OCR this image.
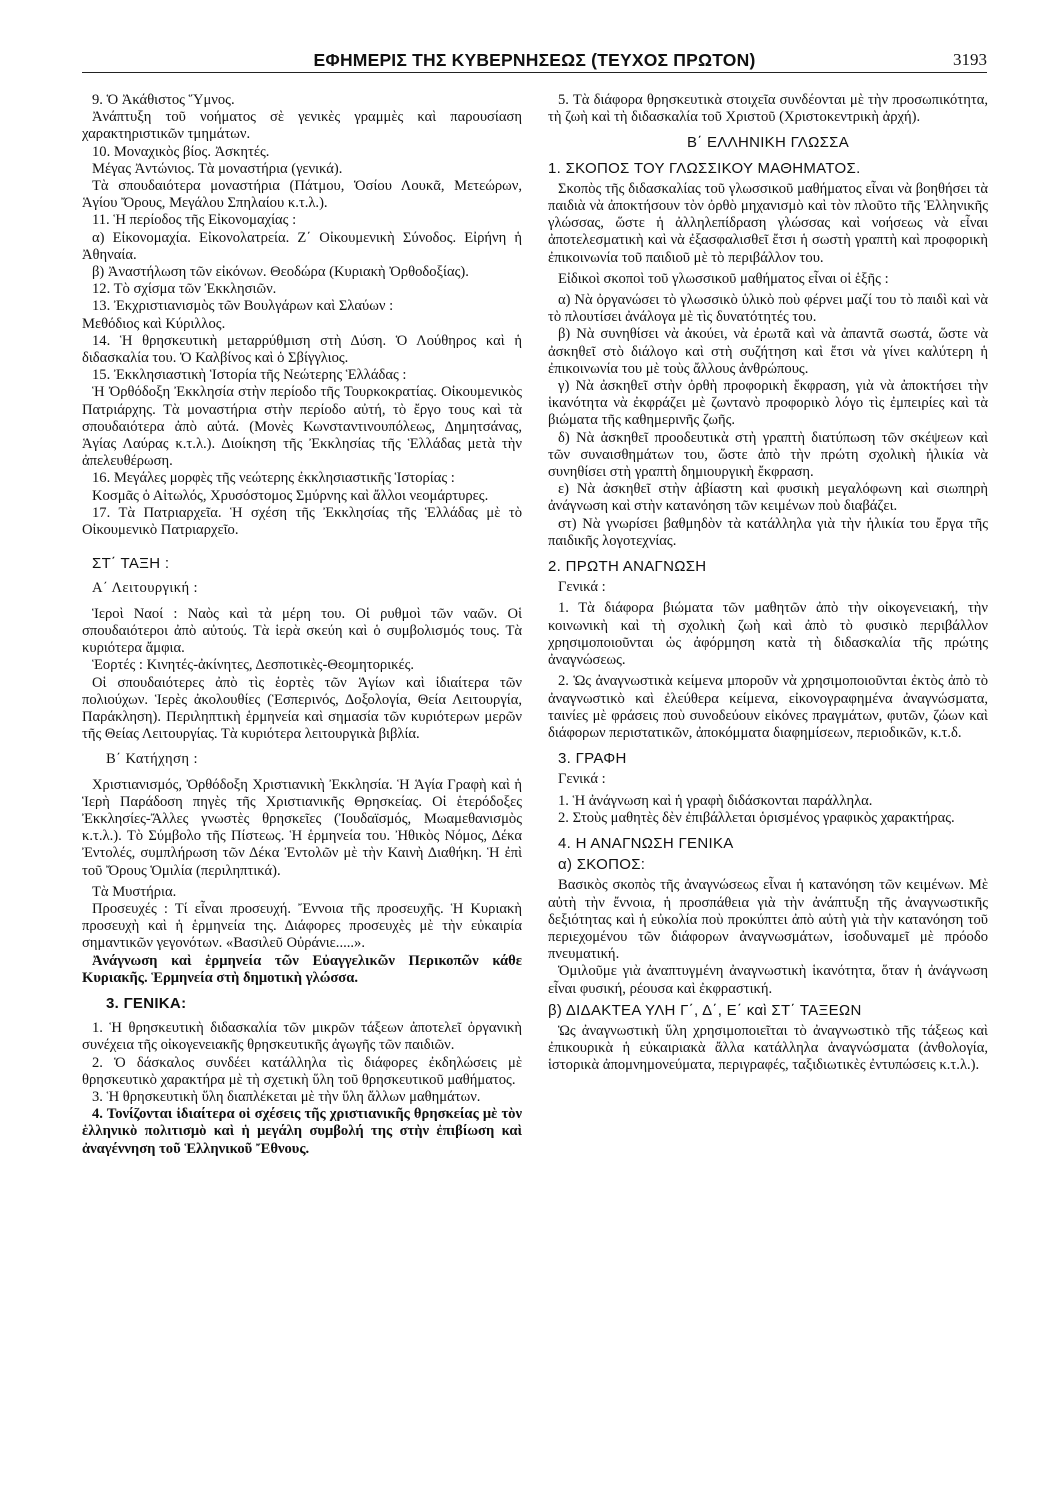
ΕΦΗΜΕΡΙΣ ΤΗΣ ΚΥΒΕΡΝΗΣΕΩΣ (ΤΕΥΧΟΣ ΠΡΩΤΟΝ)	3193

9. Ὁ Ἀκάθιστος Ὕμνος.

Ἀνάπτυξη τοῦ νοήματος σὲ γενικὲς γραμμὲς καὶ παρουσίαση χαρακτηριστικῶν τμημάτων.

10. Μοναχικὸς βίος. Ἀσκητές.

Μέγας Ἀντώνιος. Τὰ μοναστήρια (γενικά).

Τὰ σπουδαιότερα μοναστήρια (Πάτμου, Ὁσίου Λουκᾶ, Μετεώρων, Ἁγίου Ὄρους, Μεγάλου Σπηλαίου κ.τ.λ.).

11. Ἡ περίοδος τῆς Εἰκονομαχίας :

α) Εἰκονομαχία. Εἰκονολατρεία. Ζ΄ Οἰκουμενικὴ Σύνοδος. Εἰρήνη ἡ Ἀθηναία.

β) Ἀναστήλωση τῶν εἰκόνων. Θεοδώρα (Κυριακὴ Ὀρθοδοξίας).

12. Τὸ σχίσμα τῶν Ἐκκλησιῶν.

13. Ἐκχριστιανισμὸς τῶν Βουλγάρων καὶ Σλαύων :

Μεθόδιος καὶ Κύριλλος.

14. Ἡ θρησκευτικὴ μεταρρύθμιση στὴ Δύση. Ὁ Λούθηρος καὶ ἡ διδασκαλία του. Ὁ Καλβίνος καὶ ὁ Σβίγγλιος.

15. Ἐκκλησιαστικὴ Ἱστορία τῆς Νεώτερης Ἑλλάδας :

Ἡ Ὀρθόδοξη Ἐκκλησία στὴν περίοδο τῆς Τουρκοκρατίας. Οἰκουμενικὸς Πατριάρχης. Τὰ μοναστήρια στὴν περίοδο αὐτή, τὸ ἔργο τους καὶ τὰ σπουδαιότερα ἀπὸ αὐτά. (Μονὲς Κωνσταντινουπόλεως, Δημητσάνας, Ἁγίας Λαύρας κ.τ.λ.). Διοίκηση τῆς Ἐκκλησίας τῆς Ἑλλάδας μετὰ τὴν ἀπελευθέρωση.

16. Μεγάλες μορφὲς τῆς νεώτερης ἐκκλησιαστικῆς Ἱστορίας :

Κοσμᾶς ὁ Αἰτωλός, Χρυσόστομος Σμύρνης καὶ ἄλλοι νεομάρτυρες.

17. Τὰ Πατριαρχεῖα. Ἡ σχέση τῆς Ἐκκλησίας τῆς Ἑλλάδας μὲ τὸ Οἰκουμενικὸ Πατριαρχεῖο.

ΣΤ΄ ΤΑΞΗ :

Α΄ Λειτουργική :

Ἱεροὶ Ναοί : Ναὸς καὶ τὰ μέρη του. Οἱ ρυθμοὶ τῶν ναῶν. Οἱ σπουδαιότεροι ἀπὸ αὐτούς. Τὰ ἱερὰ σκεύη καὶ ὁ συμβολισμός τους. Τὰ κυριότερα ἄμφια.

Ἑορτές : Κινητές-ἀκίνητες, Δεσποτικὲς-Θεομητορικές.

Οἱ σπουδαιότερες ἀπὸ τὶς ἑορτὲς τῶν Ἁγίων καὶ ἰδιαίτερα τῶν πολιούχων. Ἱερὲς ἀκολουθίες (Ἑσπερινός, Δοξολογία, Θεία Λειτουργία, Παράκληση). Περιληπτικὴ ἑρμηνεία καὶ σημασία τῶν κυριότερων μερῶν τῆς Θείας Λειτουργίας. Τὰ κυριότερα λειτουργικὰ βιβλία.

Β΄ Κατήχηση :

Χριστιανισμός, Ὀρθόδοξη Χριστιανικὴ Ἐκκλησία. Ἡ Ἁγία Γραφὴ καὶ ἡ Ἱερὴ Παράδοση πηγὲς τῆς Χριστιανικῆς Θρησκείας. Οἱ ἑτερόδοξες Ἐκκλησίες-Ἄλλες γνωστὲς θρησκεῖες (Ἰουδαϊσμός, Μωαμεθανισμὸς κ.τ.λ.). Τὸ Σύμβολο τῆς Πίστεως. Ἡ ἑρμηνεία του. Ἠθικὸς Νόμος, Δέκα Ἐντολές, συμπλήρωση τῶν Δέκα Ἐντολῶν μὲ τὴν Καινὴ Διαθήκη. Ἡ ἐπὶ τοῦ Ὄρους Ὁμιλία (περιληπτικά).

Τὰ Μυστήρια.

Προσευχές : Τί εἶναι προσευχή. Ἔννοια τῆς προσευχῆς. Ἡ Κυριακὴ προσευχὴ καὶ ἡ ἑρμηνεία της. Διάφορες προσευχὲς μὲ τὴν εὐκαιρία σημαντικῶν γεγονότων. «Βασιλεῦ Οὐράνιε.....».

Ἀνάγνωση καὶ ἑρμηνεία τῶν Εὐαγγελικῶν Περικοπῶν κάθε Κυριακῆς. Ἑρμηνεία στὴ δημοτικὴ γλώσσα.

3. ΓΕΝΙΚΑ:

1. Ἡ θρησκευτικὴ διδασκαλία τῶν μικρῶν τάξεων ἀποτελεῖ ὀργανικὴ συνέχεια τῆς οἰκογενειακῆς θρησκευτικῆς ἀγωγῆς τῶν παιδιῶν.

2. Ὁ δάσκαλος συνδέει κατάλληλα τὶς διάφορες ἐκδηλώσεις μὲ θρησκευτικὸ χαρακτήρα μὲ τὴ σχετικὴ ὕλη τοῦ θρησκευτικοῦ μαθήματος.

3. Ἡ θρησκευτικὴ ὕλη διαπλέκεται μὲ τὴν ὕλη ἄλλων μαθημάτων.

4. Τονίζονται ἰδιαίτερα οἱ σχέσεις τῆς χριστιανικῆς θρησκείας μὲ τὸν ἑλληνικὸ πολιτισμὸ καὶ ἡ μεγάλη συμβολή της στὴν ἐπιβίωση καὶ ἀναγέννηση τοῦ Ἑλληνικοῦ Ἔθνους.

5. Τὰ διάφορα θρησκευτικὰ στοιχεῖα συνδέονται μὲ τὴν προσωπικότητα, τὴ ζωὴ καὶ τὴ διδασκαλία τοῦ Χριστοῦ (Χριστοκεντρικὴ ἀρχή).

Β΄ ΕΛΛΗΝΙΚΗ ΓΛΩΣΣΑ

1. ΣΚΟΠΟΣ ΤΟΥ ΓΛΩΣΣΙΚΟΥ ΜΑΘΗΜΑΤΟΣ.

Σκοπὸς τῆς διδασκαλίας τοῦ γλωσσικοῦ μαθήματος εἶναι νὰ βοηθήσει τὰ παιδιὰ νὰ ἀποκτήσουν τὸν ὀρθὸ μηχανισμὸ καὶ τὸν πλοῦτο τῆς Ἑλληνικῆς γλώσσας, ὥστε ἡ ἀλληλεπίδραση γλώσσας καὶ νοήσεως νὰ εἶναι ἀποτελεσματικὴ καὶ νὰ ἐξασφαλισθεῖ ἔτσι ἡ σωστὴ γραπτὴ καὶ προφορικὴ ἐπικοινωνία τοῦ παιδιοῦ μὲ τὸ περιβάλλον του.

Εἰδικοὶ σκοποὶ τοῦ γλωσσικοῦ μαθήματος εἶναι οἱ ἑξῆς :

α) Νὰ ὀργανώσει τὸ γλωσσικὸ ὑλικὸ ποὺ φέρνει μαζί του τὸ παιδὶ καὶ νὰ τὸ πλουτίσει ἀνάλογα μὲ τὶς δυνατότητές του.

β) Νὰ συνηθίσει νὰ ἀκούει, νὰ ἐρωτᾶ καὶ νὰ ἀπαντᾶ σωστά, ὥστε νὰ ἀσκηθεῖ στὸ διάλογο καὶ στὴ συζήτηση καὶ ἔτσι νὰ γίνει καλύτερη ἡ ἐπικοινωνία του μὲ τοὺς ἄλλους ἀνθρώπους.

γ) Νὰ ἀσκηθεῖ στὴν ὀρθὴ προφορικὴ ἔκφραση, γιὰ νὰ ἀποκτήσει τὴν ἱκανότητα νὰ ἐκφράζει μὲ ζωντανὸ προφορικὸ λόγο τὶς ἐμπειρίες καὶ τὰ βιώματα τῆς καθημερινῆς ζωῆς.

δ) Νὰ ἀσκηθεῖ προοδευτικὰ στὴ γραπτὴ διατύπωση τῶν σκέψεων καὶ τῶν συναισθημάτων του, ὥστε ἀπὸ τὴν πρώτη σχολικὴ ἡλικία νὰ συνηθίσει στὴ γραπτὴ δημιουργικὴ ἔκφραση.

ε) Νὰ ἀσκηθεῖ στὴν ἀβίαστη καὶ φυσικὴ μεγαλόφωνη καὶ σιωπηρὴ ἀνάγνωση καὶ στὴν κατανόηση τῶν κειμένων ποὺ διαβάζει.

στ) Νὰ γνωρίσει βαθμηδὸν τὰ κατάλληλα γιὰ τὴν ἡλικία του ἔργα τῆς παιδικῆς λογοτεχνίας.

2. ΠΡΩΤΗ ΑΝΑΓΝΩΣΗ

Γενικά :

1. Τὰ διάφορα βιώματα τῶν μαθητῶν ἀπὸ τὴν οἰκογενειακή, τὴν κοινωνικὴ καὶ τὴ σχολικὴ ζωὴ καὶ ἀπὸ τὸ φυσικὸ περιβάλλον χρησιμοποιοῦνται ὡς ἀφόρμηση κατὰ τὴ διδασκαλία τῆς πρώτης ἀναγνώσεως.

2. Ὡς ἀναγνωστικὰ κείμενα μποροῦν νὰ χρησιμοποιοῦνται ἐκτὸς ἀπὸ τὸ ἀναγνωστικὸ καὶ ἐλεύθερα κείμενα, εἰκονογραφημένα ἀναγνώσματα, ταινίες μὲ φράσεις ποὺ συνοδεύουν εἰκόνες πραγμάτων, φυτῶν, ζώων καὶ διάφορων περιστατικῶν, ἀποκόμματα διαφημίσεων, περιοδικῶν, κ.τ.δ.

3. ΓΡΑΦΗ

Γενικά :

1. Ἡ ἀνάγνωση καὶ ἡ γραφὴ διδάσκονται παράλληλα.

2. Στοὺς μαθητὲς δὲν ἐπιβάλλεται ὁρισμένος γραφικὸς χαρακτήρας.

4. Η ΑΝΑΓΝΩΣΗ ΓΕΝΙΚΑ

α) ΣΚΟΠΟΣ:

Βασικὸς σκοπὸς τῆς ἀναγνώσεως εἶναι ἡ κατανόηση τῶν κειμένων. Μὲ αὐτὴ τὴν ἔννοια, ἡ προσπάθεια γιὰ τὴν ἀνάπτυξη τῆς ἀναγνωστικῆς δεξιότητας καὶ ἡ εὐκολία ποὺ προκύπτει ἀπὸ αὐτὴ γιὰ τὴν κατανόηση τοῦ περιεχομένου τῶν διάφορων ἀναγνωσμάτων, ἰσοδυναμεῖ μὲ πρόοδο πνευματική.

Ὁμιλοῦμε γιὰ ἀναπτυγμένη ἀναγνωστικὴ ἱκανότητα, ὅταν ἡ ἀνάγνωση εἶναι φυσική, ρέουσα καὶ ἐκφραστική.

β) ΔΙΔΑΚΤΕΑ ΥΛΗ Γ΄, Δ΄, Ε΄ καὶ ΣΤ΄ ΤΑΞΕΩΝ

Ὡς ἀναγνωστικὴ ὕλη χρησιμοποιεῖται τὸ ἀναγνωστικὸ τῆς τάξεως καὶ ἐπικουρικὰ ἡ εὐκαιριακὰ ἄλλα κατάλληλα ἀναγνώσματα (ἀνθολογία, ἱστορικὰ ἀπομνημονεύματα, περιγραφές, ταξιδιωτικὲς ἐντυπώσεις κ.τ.λ.).
